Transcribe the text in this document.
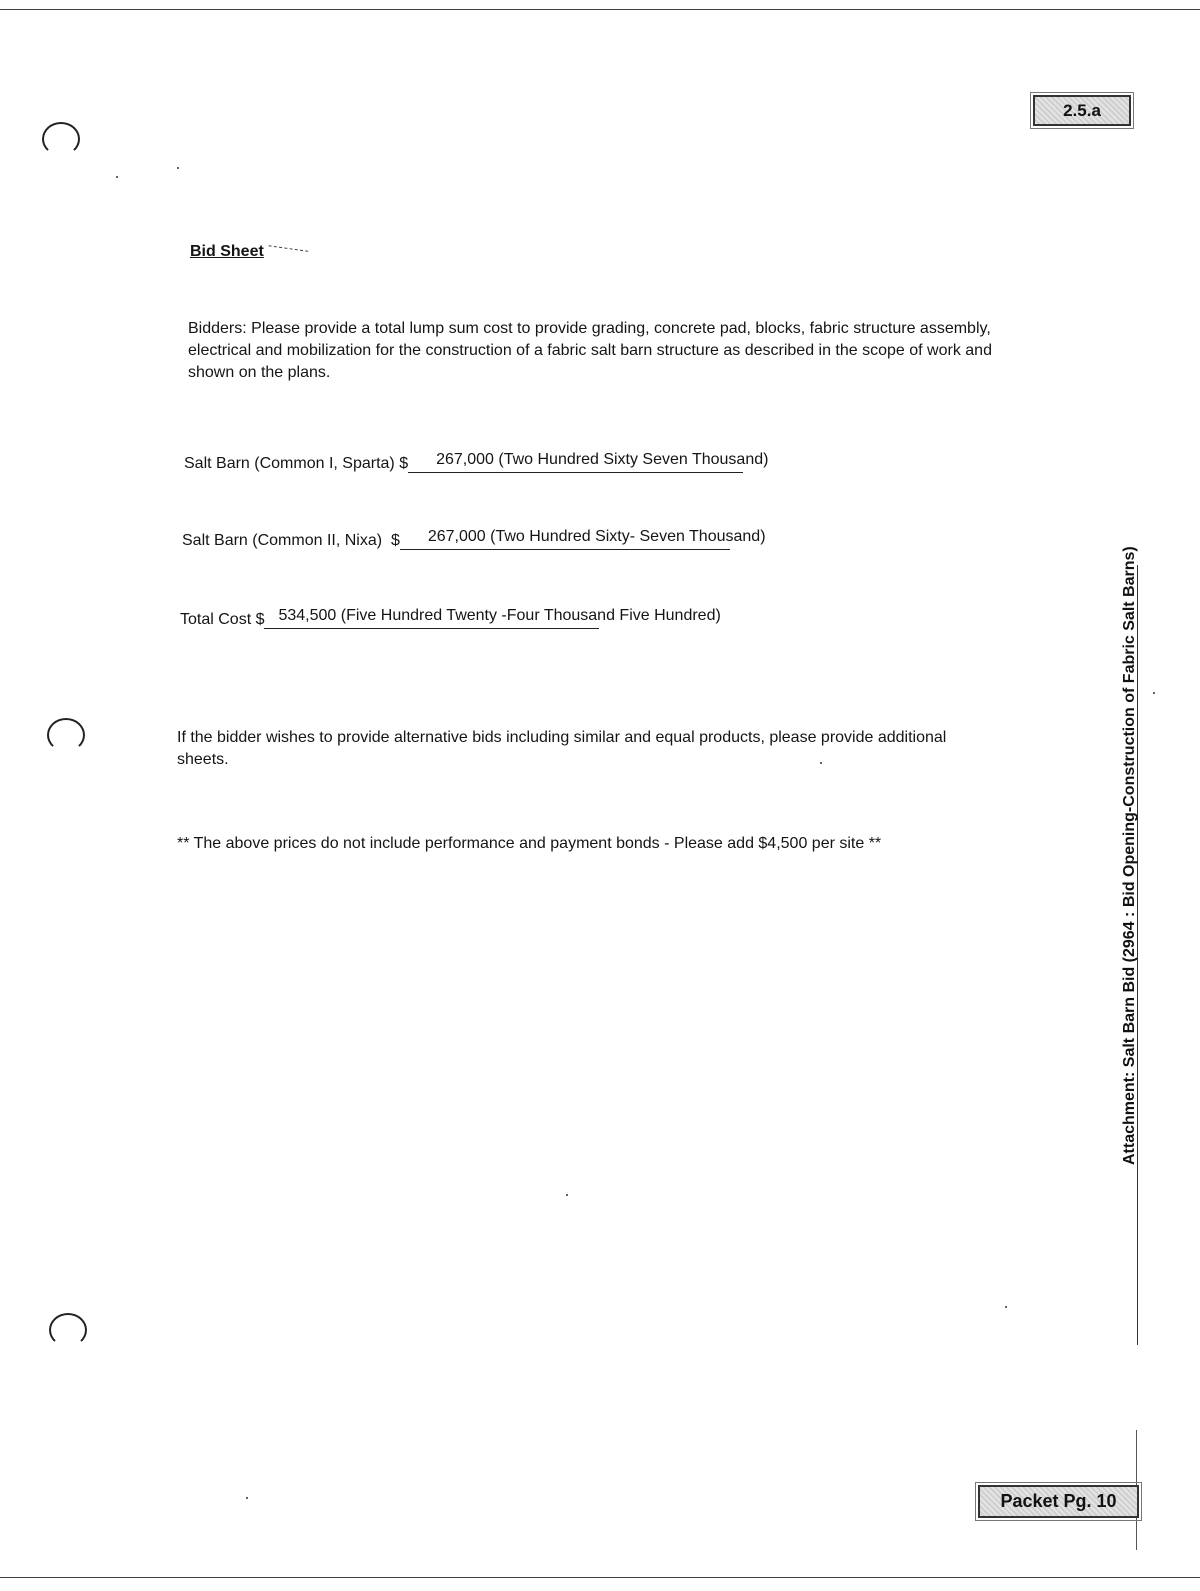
2.5.a
Bid Sheet
Bidders: Please provide a total lump sum cost to provide grading, concrete pad, blocks, fabric structure assembly, electrical and mobilization for the construction of a fabric salt barn structure as described in the scope of work and shown on the plans.
Salt Barn (Common I, Sparta) $ 267,000 (Two Hundred Sixty Seven Thousand)
Salt Barn (Common II, Nixa)  $ 267,000 (Two Hundred Sixty- Seven Thousand)
Total Cost $ 534,500 (Five Hundred Twenty -Four Thousand Five Hundred)
If the bidder wishes to provide alternative bids including similar and equal products, please provide additional sheets.
** The above prices do not include performance and payment bonds - Please add $4,500 per site **	Attachment: Salt Barn Bid (2964 : Bid Opening-Construction of Fabric Salt Barns)
Packet Pg. 10
